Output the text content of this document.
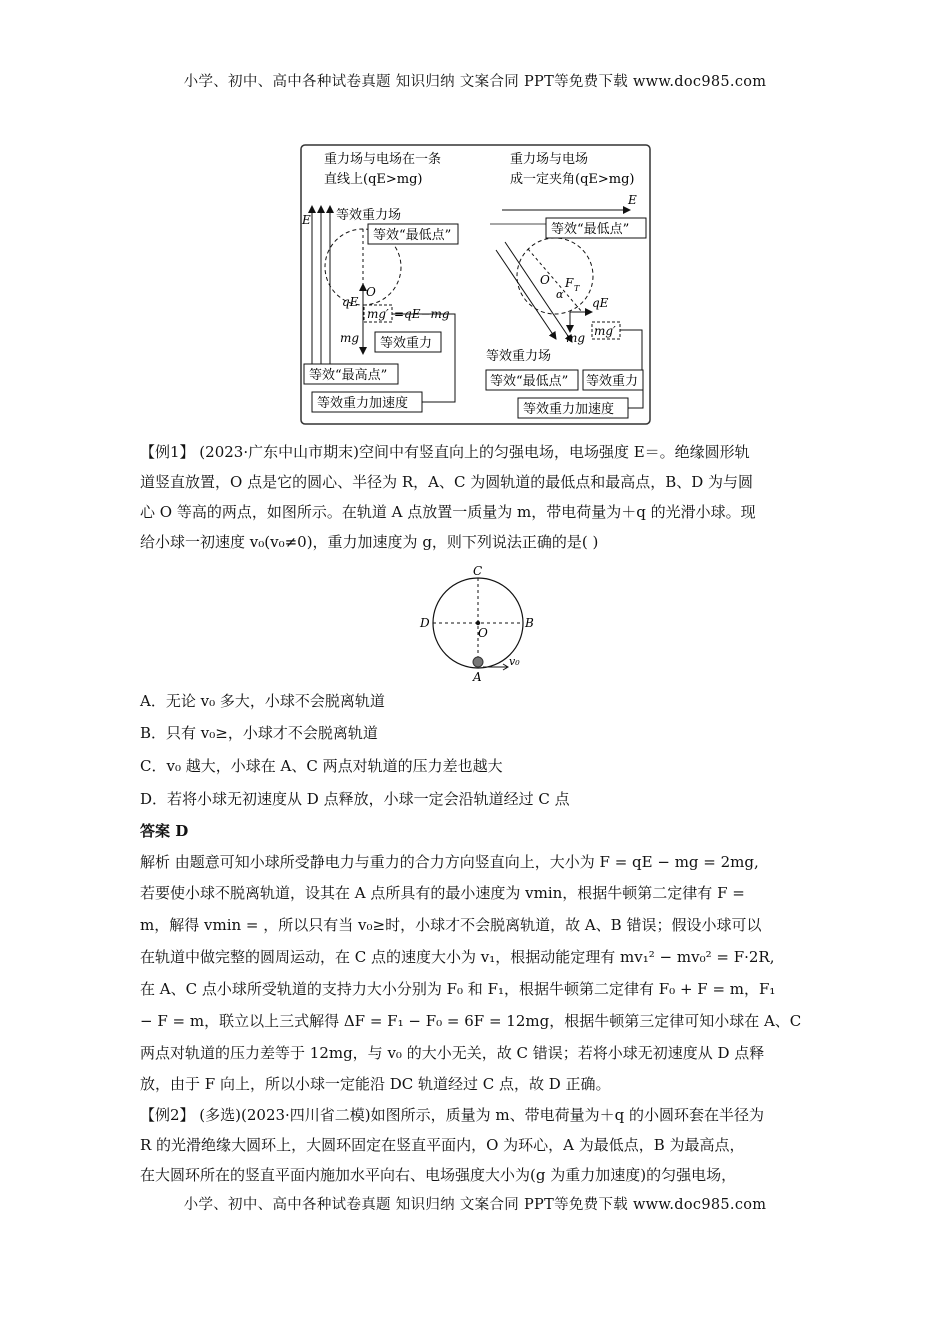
小学、初中、高中各种试卷真题 知识归纳 文案合同 PPT等免费下载 www.doc985.com
重力场与电场在一条
直线上(qE>mg)
重力场与电场
成一定夹角(qE>mg)
E 等效重力场
O
等效“最低点”
qE
mg
mg′ =qE−mg
等效重力
等效“最高点”
等效重力加速度
E
O F T
α
等效“最低点”
qE
mg mg′
等效重力场
等效“最低点” 等效重力
等效重力加速度
【例1】 (2023·广东中山市期末)空间中有竖直向上的匀强电场，电场强度 E＝。绝缘圆形轨
道竖直放置，O 点是它的圆心、半径为 R，A、C 为圆轨道的最低点和最高点，B、D 为与圆
心 O 等高的两点，如图所示。在轨道 A 点放置一质量为 m，带电荷量为＋q 的光滑小球。现
给小球一初速度 v₀(v₀≠0)，重力加速度为 g，则下列说法正确的是( )
C
D	B
O
A
v₀
A．无论 v₀ 多大，小球不会脱离轨道
B．只有 v₀≥，小球才不会脱离轨道
C．v₀ 越大，小球在 A、C 两点对轨道的压力差也越大
D．若将小球无初速度从 D 点释放，小球一定会沿轨道经过 C 点
答案 D
解析 由题意可知小球所受静电力与重力的合力方向竖直向上，大小为 F = qE − mg = 2mg,
若要使小球不脱离轨道，设其在 A 点所具有的最小速度为 vmin，根据牛顿第二定律有 F =
m，解得 vmin = ，所以只有当 v₀≥时，小球才不会脱离轨道，故 A、B 错误；假设小球可以
在轨道中做完整的圆周运动，在 C 点的速度大小为 v₁，根据动能定理有 mv₁² − mv₀² = F·2R,
在 A、C 点小球所受轨道的支持力大小分别为 F₀ 和 F₁，根据牛顿第二定律有 F₀ + F = m，F₁
− F = m，联立以上三式解得 ΔF = F₁ − F₀ = 6F = 12mg，根据牛顿第三定律可知小球在 A、C
两点对轨道的压力差等于 12mg，与 v₀ 的大小无关，故 C 错误；若将小球无初速度从 D 点释
放，由于 F 向上，所以小球一定能沿 DC 轨道经过 C 点，故 D 正确。
【例2】 (多选)(2023·四川省二模)如图所示，质量为 m、带电荷量为＋q 的小圆环套在半径为
R 的光滑绝缘大圆环上，大圆环固定在竖直平面内，O 为环心，A 为最低点，B 为最高点，
在大圆环所在的竖直平面内施加水平向右、电场强度大小为(g 为重力加速度)的匀强电场，
小学、初中、高中各种试卷真题 知识归纳 文案合同 PPT等免费下载 www.doc985.com
